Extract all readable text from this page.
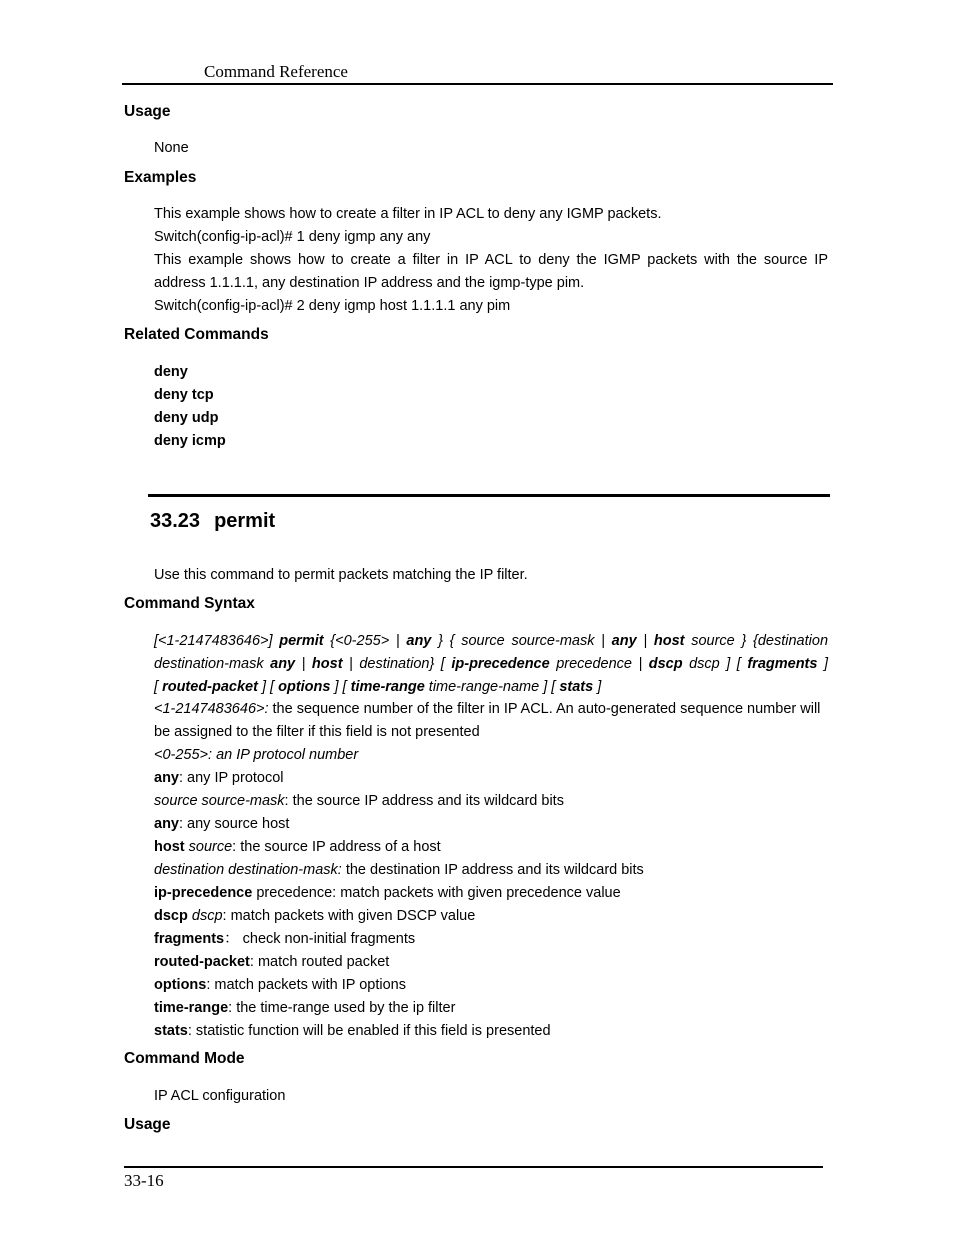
Command Reference
Usage
None
Examples
This example shows how to create a filter in IP ACL to deny any IGMP packets.
Switch(config-ip-acl)# 1 deny igmp any any
This example shows how to create a filter in IP ACL to deny the IGMP packets with the source IP
address 1.1.1.1, any destination IP address and the igmp-type pim.
Switch(config-ip-acl)# 2 deny igmp host 1.1.1.1 any pim
Related Commands
deny
deny tcp
deny udp
deny icmp
33.23 permit
Use this command to permit packets matching the IP filter.
Command Syntax
[<1-2147483646>] permit {<0-255> | any } { source source-mask | any | host source } {destination
destination-mask any | host | destination} [ ip-precedence precedence | dscp dscp ] [ fragments ]
[ routed-packet ] [ options ] [ time-range time-range-name ] [ stats ]
<1-2147483646>: the sequence number of the filter in IP ACL. An auto-generated sequence number will
be assigned to the filter if this field is not presented
<0-255>: an IP protocol number
any: any IP protocol
source source-mask: the source IP address and its wildcard bits
any: any source host
host source: the source IP address of a host
destination destination-mask: the destination IP address and its wildcard bits
ip-precedence precedence: match packets with given precedence value
dscp dscp: match packets with given DSCP value
fragments： check non-initial fragments
routed-packet: match routed packet
options: match packets with IP options
time-range: the time-range used by the ip filter
stats: statistic function will be enabled if this field is presented
Command Mode
IP ACL configuration
Usage
33-16
